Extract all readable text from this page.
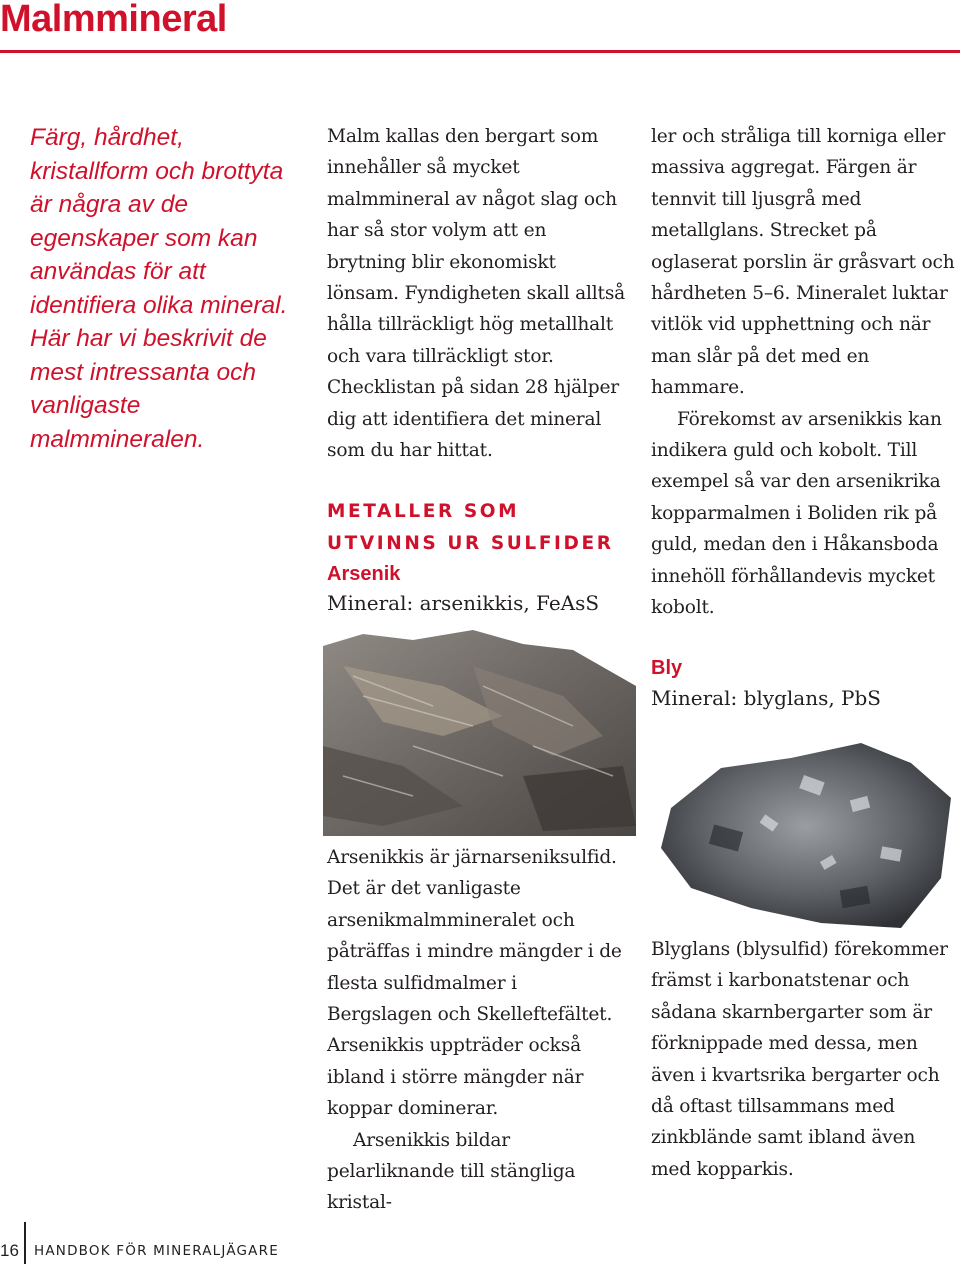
Malmmineral

Färg, hårdhet, kristallform och brottyta är några av de egenskaper som kan användas för att identifiera olika mineral. Här har vi beskrivit de mest intressanta och vanligaste malmmineralen.

Malm kallas den bergart som innehåller så mycket malmmineral av något slag och har så stor volym att en brytning blir ekonomiskt lönsam. Fyndigheten skall alltså hålla tillräckligt hög metallhalt och vara tillräckligt stor. Checklistan på sidan 28 hjälper dig att identifiera det mineral som du har hittat.

METALLER SOM UTVINNS UR SULFIDER
Arsenik

Mineral: arsenikkis, FeAsS

Arsenikkis är järnarseniksulfid. Det är det vanligaste arsenikmalmmineralet och påträffas i mindre mängder i de flesta sulfidmalmer i Bergslagen och Skelleftefältet. Arsenikkis uppträder också ibland i större mängder när koppar dominerar.

Arsenikkis bildar pelarliknande till stängliga kristal-

ler och stråliga till korniga eller massiva aggregat. Färgen är tennvit till ljusgrå med metallglans. Strecket på oglaserat porslin är gråsvart och hårdheten 5–6. Mineralet luktar vitlök vid upphettning och när man slår på det med en hammare.

Förekomst av arsenikkis kan indikera guld och kobolt. Till exempel så var den arsenikrika kopparmalmen i Boliden rik på guld, medan den i Håkansboda innehöll förhållandevis mycket kobolt.

Bly

Mineral: blyglans, PbS

Blyglans (blysulfid) förekommer främst i karbonatstenar och sådana skarnbergarter som är förknippade med dessa, men även i kvartsrika bergarter och då oftast tillsammans med zinkblände samt ibland även med kopparkis.

16 HANDBOK FÖR MINERALJÄGARE
